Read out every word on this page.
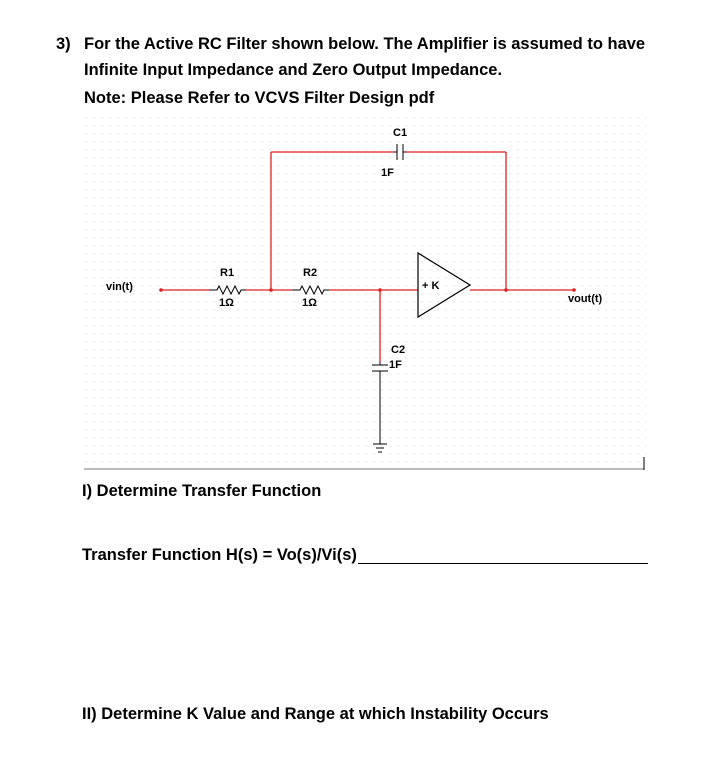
3) For the Active RC Filter shown below. The Amplifier is assumed to have
Infinite Input Impedance and Zero Output Impedance.
Note: Please Refer to VCVS Filter Design pdf
vin(t)
vout(t)
R1
1Ω
R2
1Ω
C1
1F
C2
1F
+ K
I) Determine Transfer Function
Transfer Function H(s) = Vo(s)/Vi(s)
II) Determine K Value and Range at which Instability Occurs
